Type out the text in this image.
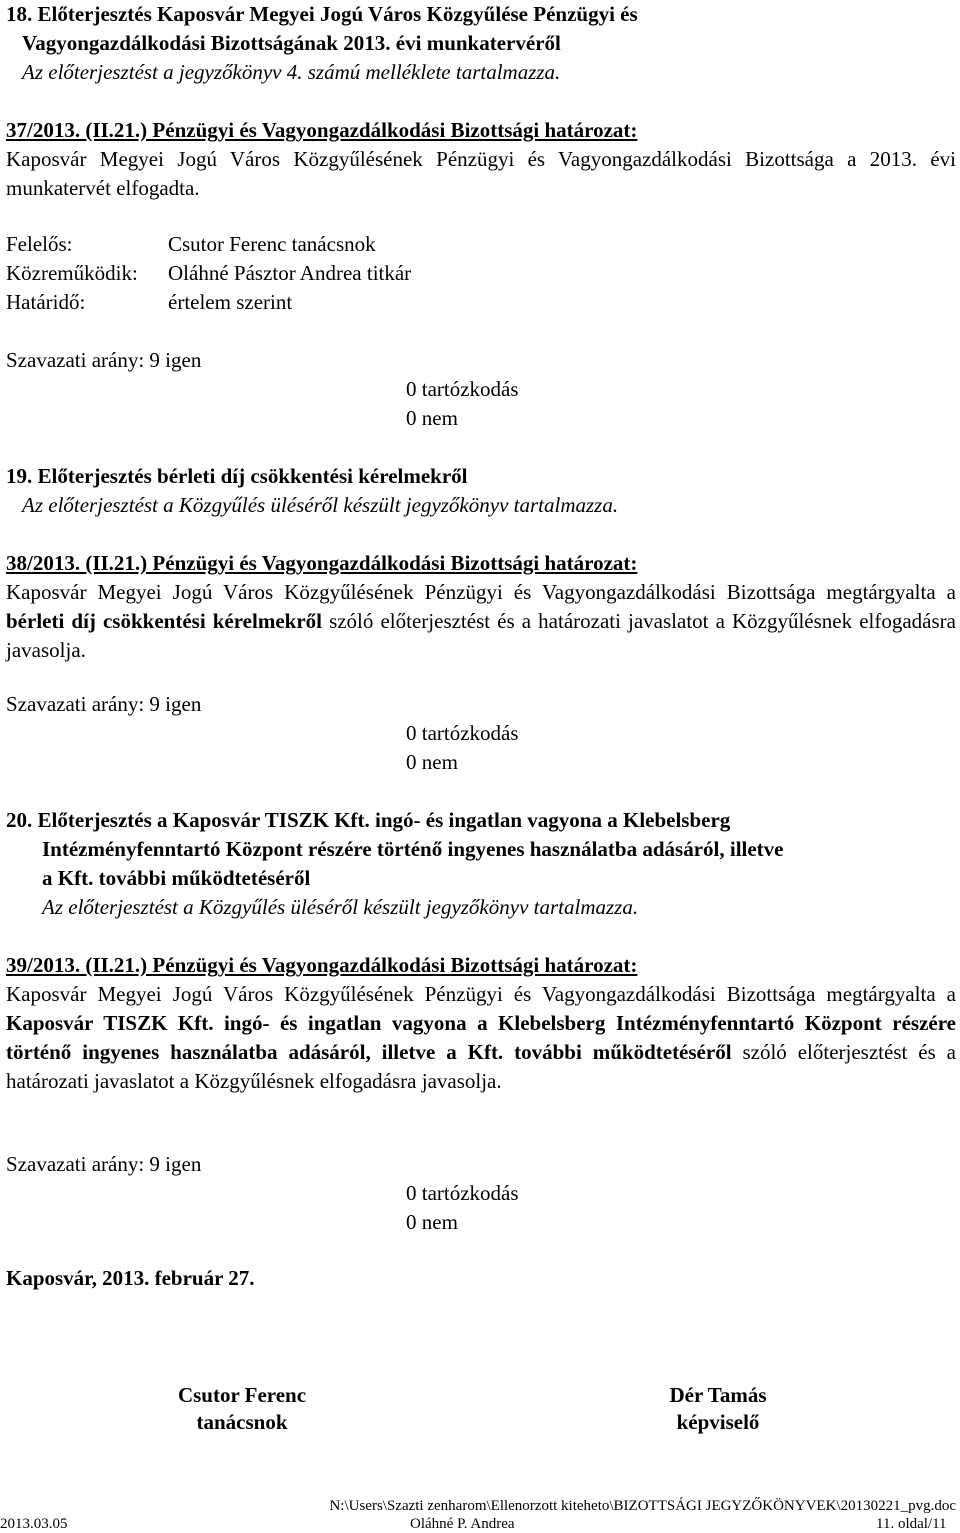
18. Előterjesztés Kaposvár Megyei Jogú Város Közgyűlése Pénzügyi és
Vagyongazdálkodási Bizottságának 2013. évi munkatervéről
Az előterjesztést a jegyzőkönyv 4. számú melléklete tartalmazza.
37/2013. (II.21.) Pénzügyi és Vagyongazdálkodási Bizottsági határozat:
Kaposvár Megyei Jogú Város Közgyűlésének Pénzügyi és Vagyongazdálkodási Bizottsága a 2013. évi munkatervét elfogadta.
Felelős:	Csutor Ferenc tanácsnok
Közreműködik: Oláhné Pásztor Andrea titkár
Határidő:	értelem szerint
Szavazati arány: 9 igen
0 tartózkodás
0 nem
19. Előterjesztés bérleti díj csökkentési kérelmekről
Az előterjesztést a Közgyűlés üléséről készült jegyzőkönyv tartalmazza.
38/2013. (II.21.) Pénzügyi és Vagyongazdálkodási Bizottsági határozat:
Kaposvár Megyei Jogú Város Közgyűlésének Pénzügyi és Vagyongazdálkodási Bizottsága megtárgyalta a bérleti díj csökkentési kérelmekről szóló előterjesztést és a határozati javaslatot a Közgyűlésnek elfogadásra javasolja.
Szavazati arány: 9 igen
0 tartózkodás
0 nem
20. Előterjesztés a Kaposvár TISZK Kft. ingó- és ingatlan vagyona a Klebelsberg
Intézményfenntartó Központ részére történő ingyenes használatba adásáról, illetve
a Kft. további működtetéséről
Az előterjesztést a Közgyűlés üléséről készült jegyzőkönyv tartalmazza.
39/2013. (II.21.) Pénzügyi és Vagyongazdálkodási Bizottsági határozat:
Kaposvár Megyei Jogú Város Közgyűlésének Pénzügyi és Vagyongazdálkodási Bizottsága megtárgyalta a Kaposvár TISZK Kft. ingó- és ingatlan vagyona a Klebelsberg Intézményfenntartó Központ részére történő ingyenes használatba adásáról, illetve a Kft. további működtetéséről szóló előterjesztést és a határozati javaslatot a Közgyűlésnek elfogadásra javasolja.
Szavazati arány: 9 igen
0 tartózkodás
0 nem
Kaposvár, 2013. február 27.
Csutor Ferenc
tanácsnok
Dér Tamás
képviselő
N:\Users\Szazti zenharom\Ellenorzott kiteheto\BIZOTTSÁGI JEGYZŐKÖNYVEK\20130221_pvg.doc
2013.03.05	Oláhné P. Andrea	11. oldal/11
